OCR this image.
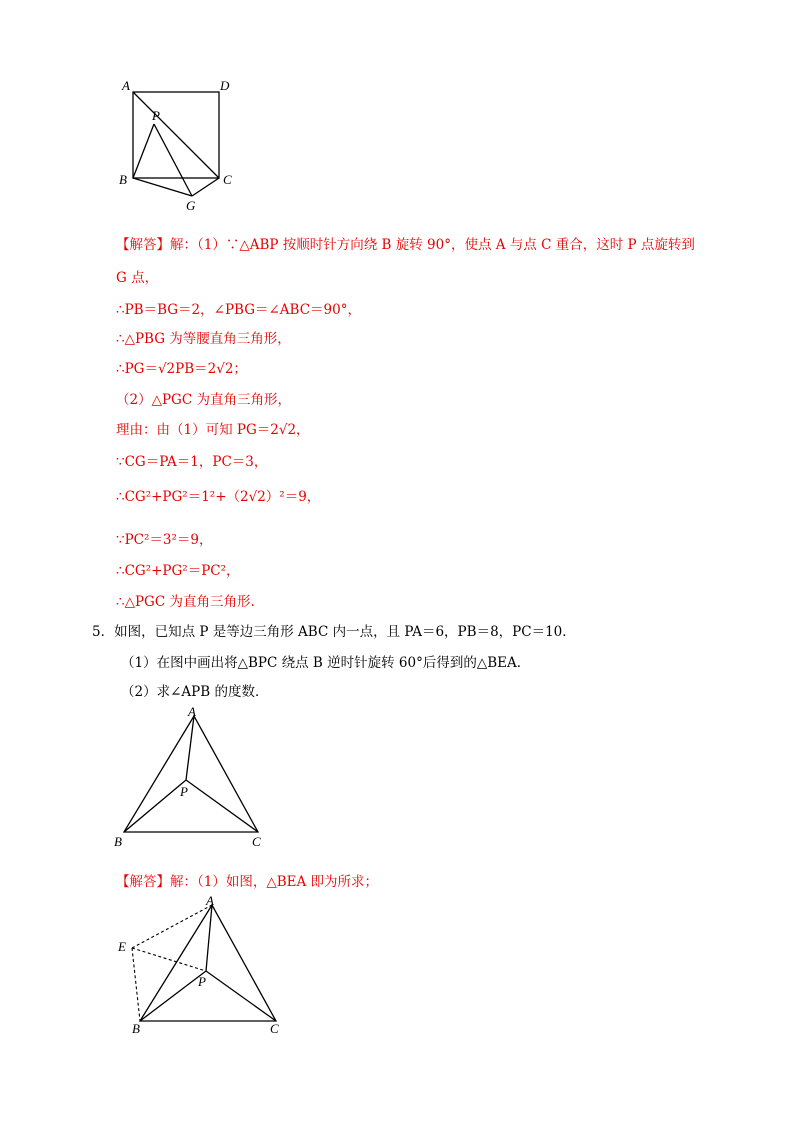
A	D
P
B	C
G
【解答】解：（1）∵△ABP 按顺时针方向绕 B 旋转 90°，使点 A 与点 C 重合，这时 P 点旋转到
G 点，
∴PB＝BG＝2，∠PBG＝∠ABC＝90°，
∴△PBG 为等腰直角三角形，
∴PG＝√2PB＝2√2；
（2）△PGC 为直角三角形，
理由：由（1）可知 PG＝2√2，
∵CG＝PA＝1，PC＝3，
∴CG²+PG²＝1²+（2√2）²＝9，
∵PC²＝3²＝9，
∴CG²+PG²＝PC²，
∴△PGC 为直角三角形.
5．如图，已知点 P 是等边三角形 ABC 内一点，且 PA＝6，PB＝8，PC＝10．
（1）在图中画出将△BPC 绕点 B 逆时针旋转 60°后得到的△BEA．
（2）求∠APB 的度数．
A
P
B	C
【解答】解：（1）如图，△BEA 即为所求；
A
E
P
B	C
